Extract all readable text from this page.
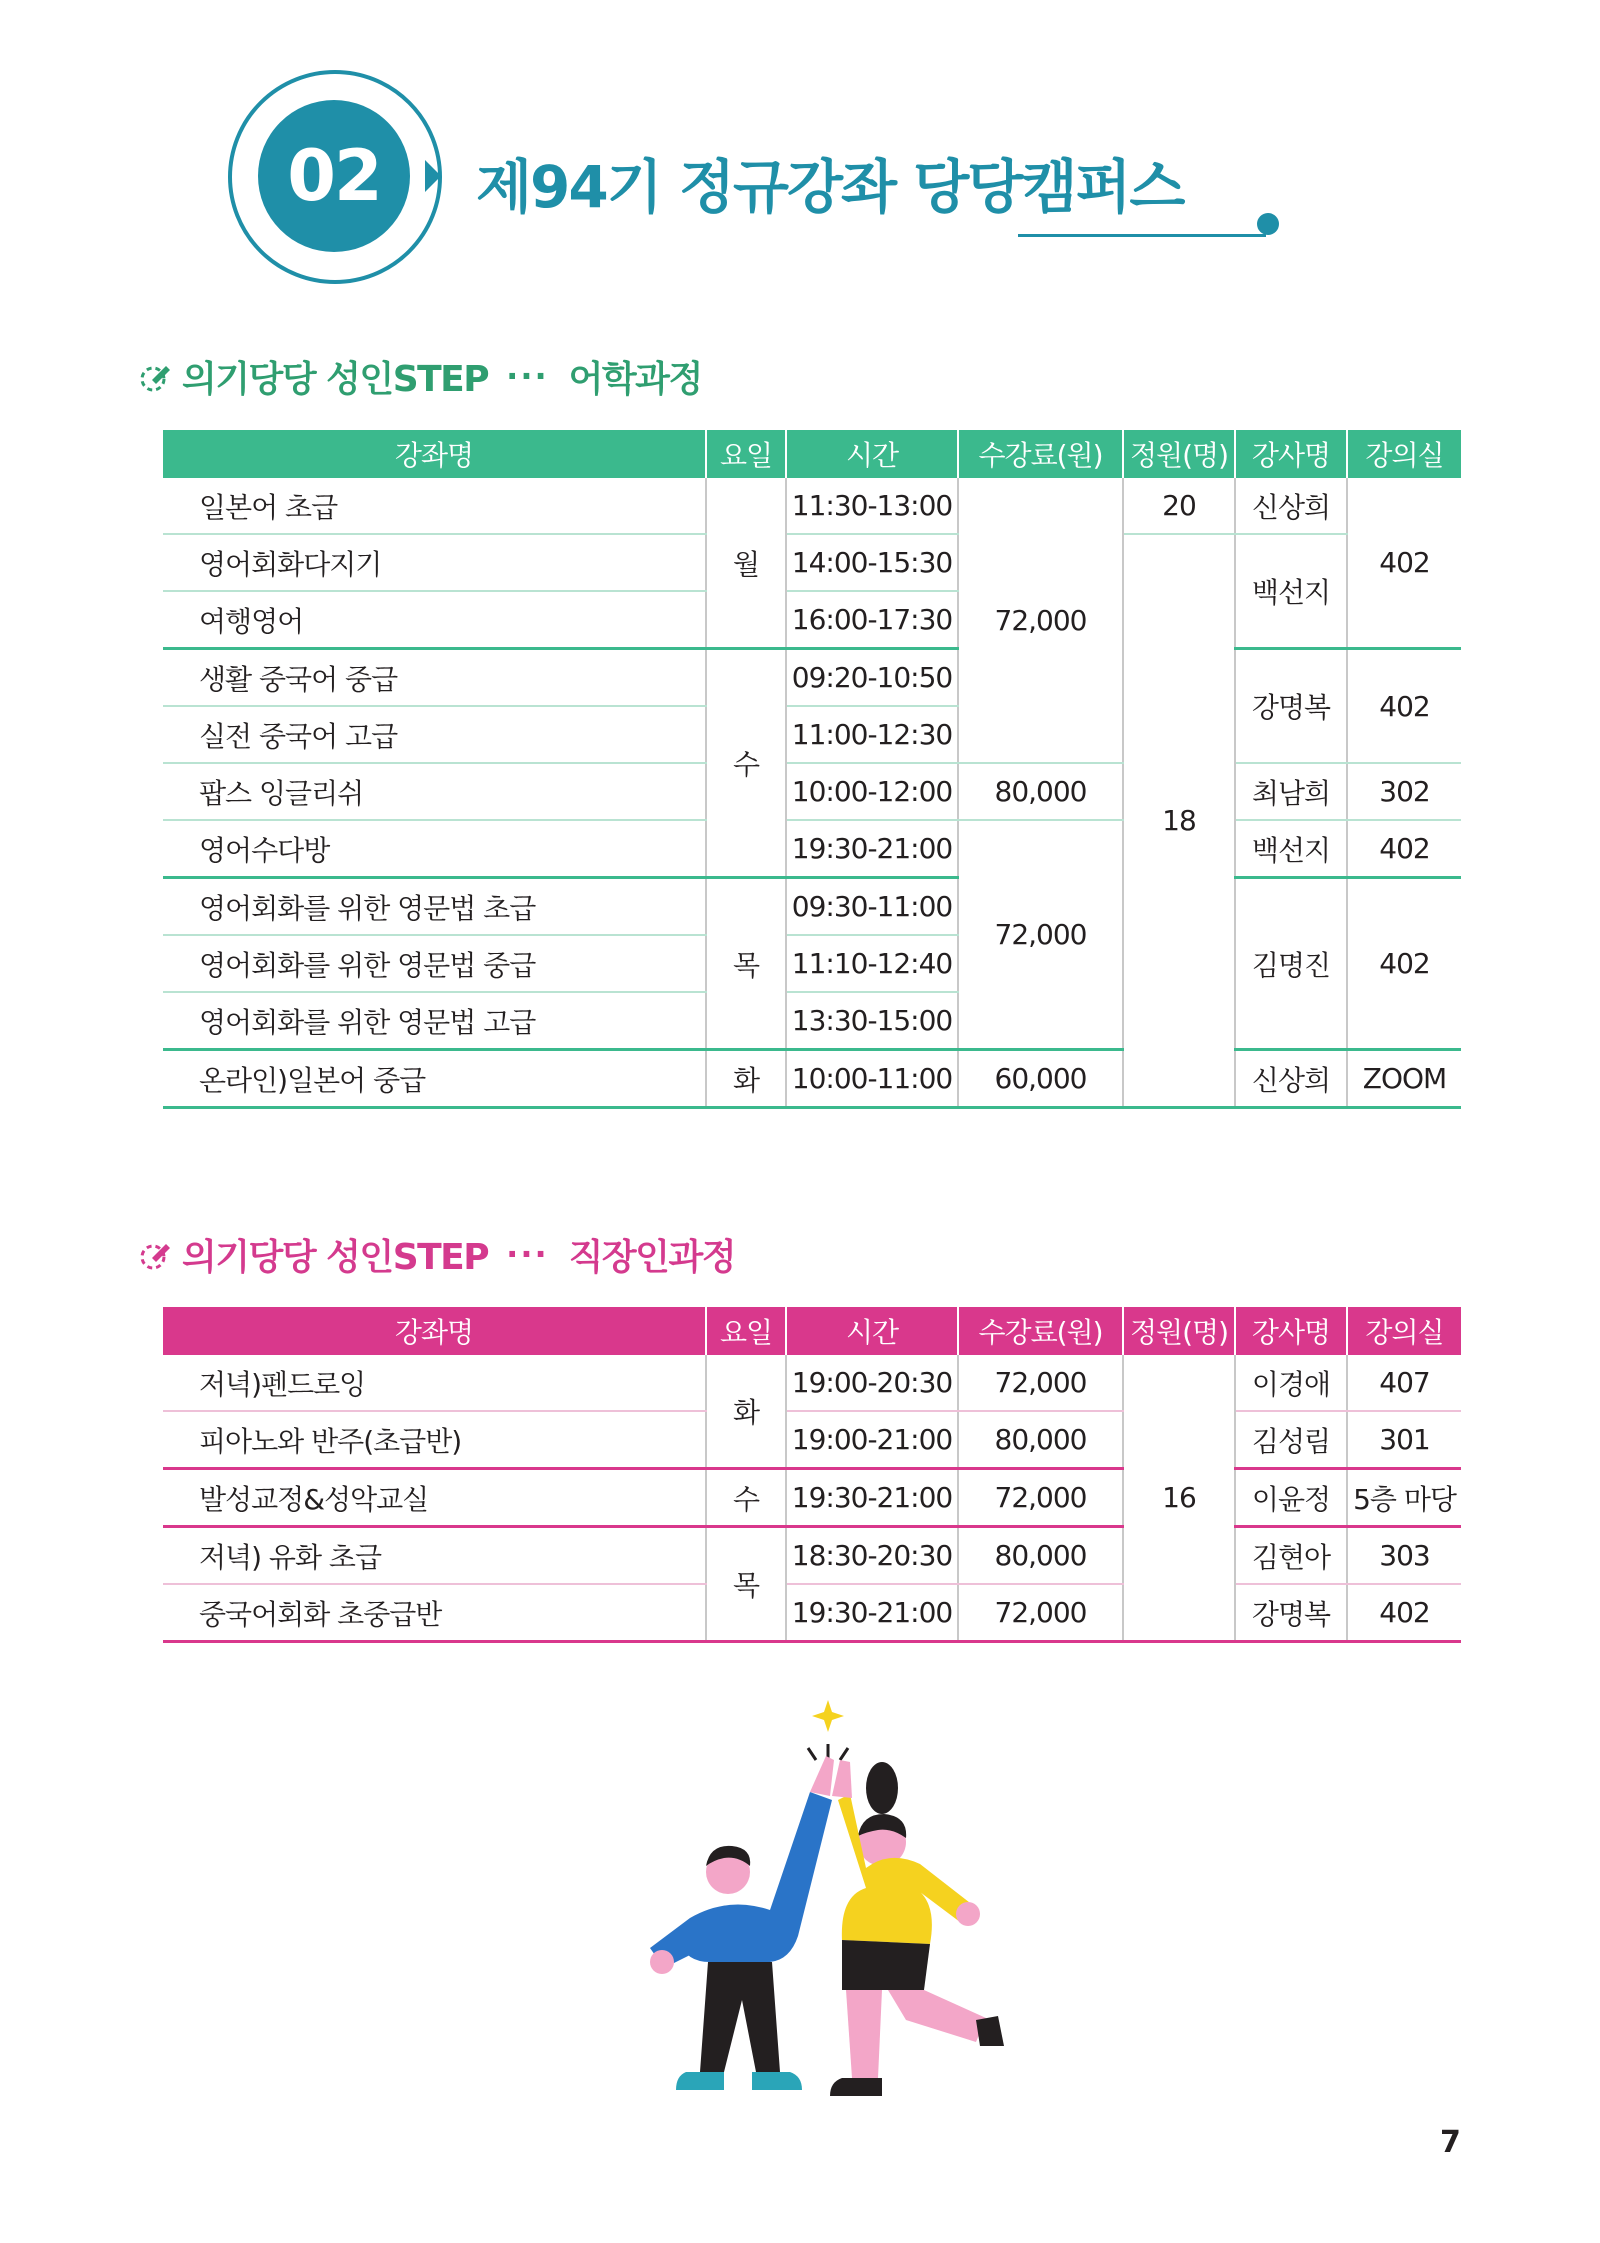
02	제94기 정규강좌 당당캠퍼스
의기당당 성인STEP ··· 어학과정
강좌명	요일	시간	수강료(원)	정원(명)	강사명	강의실
일본어 초급	월	11:30-13:00	72,000	20	신상희	402
영어회화다지기		14:00-15:30		18	백선지	
여행영어		16:00-17:30				
생활 중국어 중급	수	09:20-10:50			강명복	402
실전 중국어 고급		11:00-12:30				
팝스 잉글리쉬		10:00-12:00	80,000		최남희	302
영어수다방		19:30-21:00	72,000		백선지	402
영어회화를 위한 영문법 초급	목	09:30-11:00			김명진	402
영어회화를 위한 영문법 중급		11:10-12:40				
영어회화를 위한 영문법 고급		13:30-15:00				
온라인)일본어 중급	화	10:00-11:00	60,000		신상희	ZOOM
의기당당 성인STEP ··· 직장인과정
강좌명	요일	시간	수강료(원)	정원(명)	강사명	강의실
저녁)펜드로잉	화	19:00-20:30	72,000	16	이경애	407
피아노와 반주(초급반)		19:00-21:00	80,000		김성림	301
발성교정&성악교실	수	19:30-21:00	72,000		이윤정	5층 마당
저녁) 유화 초급	목	18:30-20:30	80,000		김현아	303
중국어회화 초중급반		19:30-21:00	72,000		강명복	402
7
